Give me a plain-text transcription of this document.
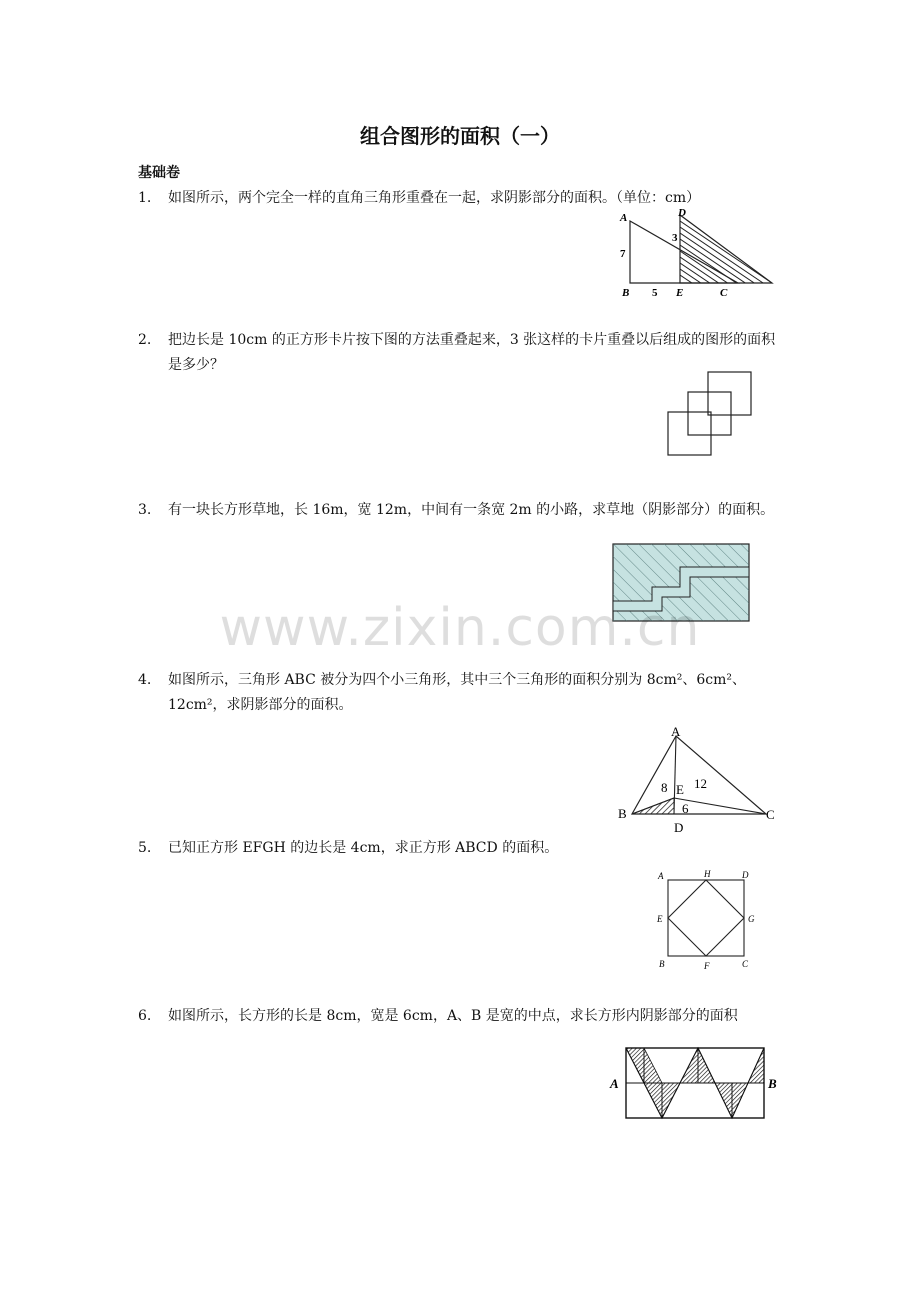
组合图形的面积（一）
基础卷
1. 如图所示，两个完全一样的直角三角形重叠在一起，求阴影部分的面积。（单位：cm）
A	D
3
7
B 5 E	C
2. 把边长是 10cm 的正方形卡片按下图的方法重叠起来，3 张这样的卡片重叠以后组成的图形的面积是多少？
3. 有一块长方形草地，长 16m，宽 12m，中间有一条宽 2m 的小路，求草地（阴影部分）的面积。
4. 如图所示，三角形 ABC 被分为四个小三角形，其中三个三角形的面积分别为 8cm²、6cm²、12cm²，求阴影部分的面积。
A
B	C
D
E
8 12
6
5. 已知正方形 EFGH 的边长是 4cm，求正方形 ABCD 的面积。
A	H	D
E	G
B	F	C
6. 如图所示，长方形的长是 8cm，宽是 6cm，A、B 是宽的中点，求长方形内阴影部分的面积
A	B
www.zixin.com.cn
